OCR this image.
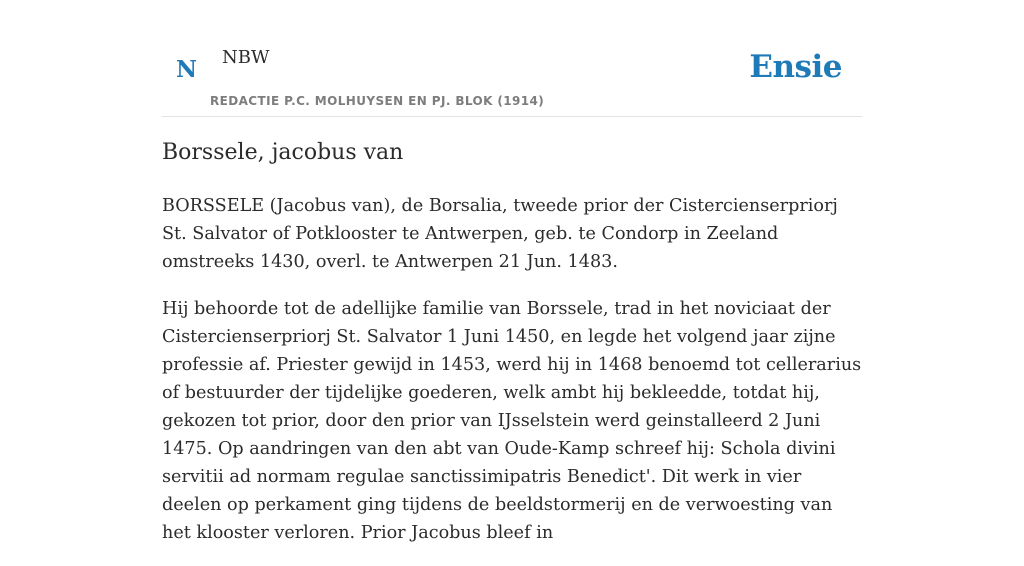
N NBW
REDACTIE P.C. MOLHUYSEN EN PJ. BLOK (1914)
Ensie
Borssele, jacobus van

BORSSELE (Jacobus van), de Borsalia, tweede prior der Cistercienserpriorj St. Salvator of Potklooster te Antwerpen, geb. te Condorp in Zeeland omstreeks 1430, overl. te Antwerpen 21 Jun. 1483.

Hij behoorde tot de adellijke familie van Borssele, trad in het noviciaat der Cistercienserpriorj St. Salvator 1 Juni 1450, en legde het volgend jaar zijne professie af. Priester gewijd in 1453, werd hij in 1468 benoemd tot cellerarius of bestuurder der tijdelijke goederen, welk ambt hij bekleedde, totdat hij, gekozen tot prior, door den prior van IJsselstein werd geinstalleerd 2 Juni 1475. Op aandringen van den abt van Oude-Kamp schreef hij: Schola divini servitii ad normam regulae sanctissimipatris Benedict'. Dit werk in vier deelen op perkament ging tijdens de beeldstormerij en de verwoesting van het klooster verloren. Prior Jacobus bleef in
